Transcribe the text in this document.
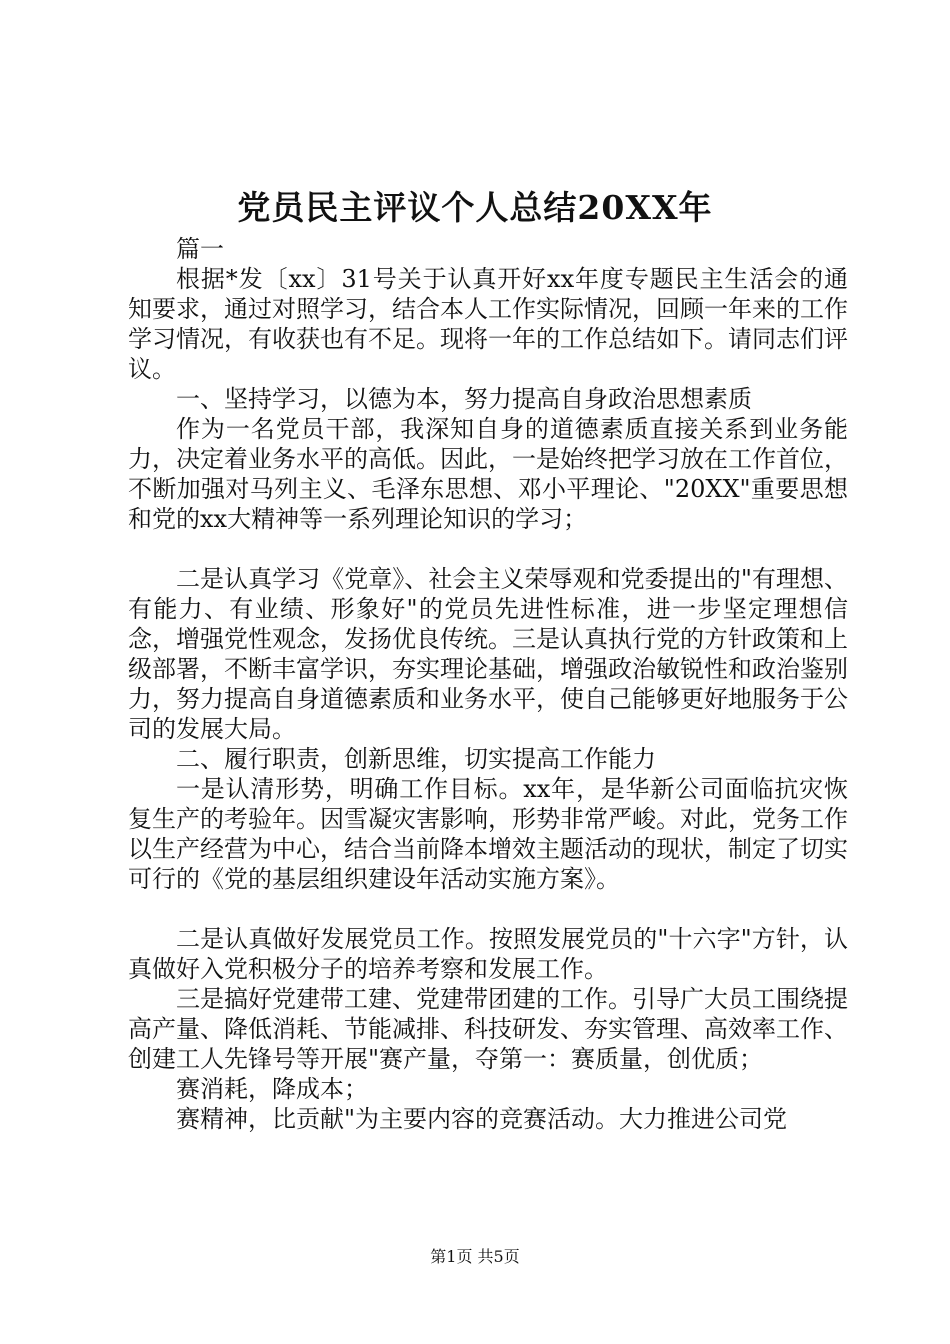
党员民主评议个人总结20XX年

篇一

根据*发〔xx〕31号关于认真开好xx年度专题民主生活会的通知要求，通过对照学习，结合本人工作实际情况，回顾一年来的工作学习情况，有收获也有不足。现将一年的工作总结如下。请同志们评议。

一、坚持学习，以德为本，努力提高自身政治思想素质

作为一名党员干部，我深知自身的道德素质直接关系到业务能力，决定着业务水平的高低。因此，一是始终把学习放在工作首位，不断加强对马列主义、毛泽东思想、邓小平理论、"20XX"重要思想和党的xx大精神等一系列理论知识的学习；

二是认真学习《党章》、社会主义荣辱观和党委提出的"有理想、有能力、有业绩、形象好"的党员先进性标准，进一步坚定理想信念，增强党性观念，发扬优良传统。三是认真执行党的方针政策和上级部署，不断丰富学识，夯实理论基础，增强政治敏锐性和政治鉴别力，努力提高自身道德素质和业务水平，使自己能够更好地服务于公司的发展大局。

二、履行职责，创新思维，切实提高工作能力

一是认清形势，明确工作目标。xx年，是华新公司面临抗灾恢复生产的考验年。因雪凝灾害影响，形势非常严峻。对此，党务工作以生产经营为中心，结合当前降本增效主题活动的现状，制定了切实可行的《党的基层组织建设年活动实施方案》。

二是认真做好发展党员工作。按照发展党员的"十六字"方针，认真做好入党积极分子的培养考察和发展工作。

三是搞好党建带工建、党建带团建的工作。引导广大员工围绕提高产量、降低消耗、节能减排、科技研发、夯实管理、高效率工作、创建工人先锋号等开展"赛产量，夺第一：赛质量，创优质；

赛消耗，降成本；

赛精神，比贡献"为主要内容的竞赛活动。大力推进公司党

第1页 共5页
